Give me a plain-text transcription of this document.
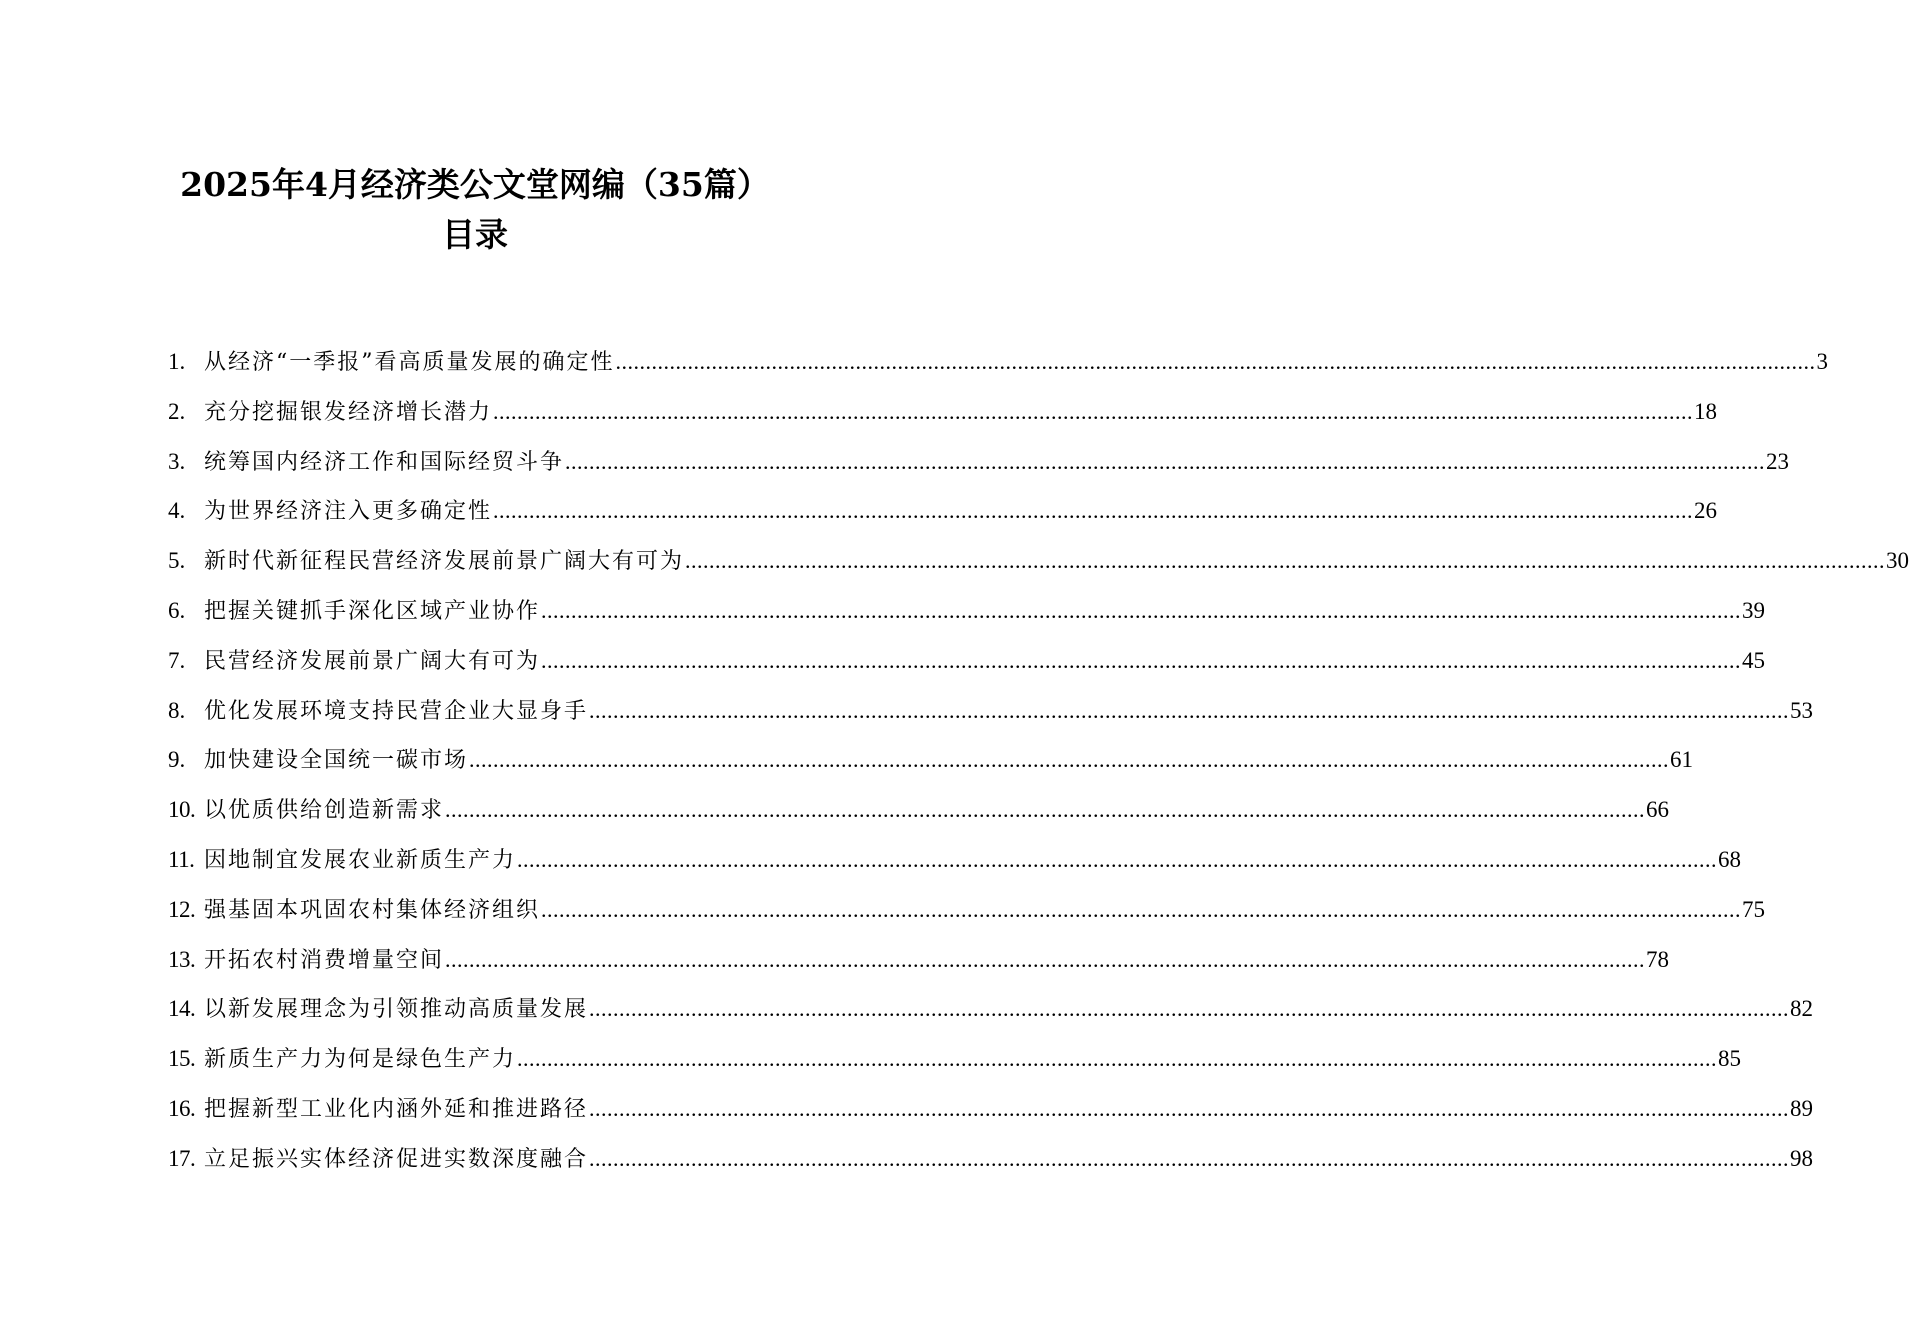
2025年4月经济类公文堂网编（35篇）
目录
1. 从经济“一季报”看高质量发展的确定性 ........................................................................................................................................................................................................ 3
2. 充分挖掘银发经济增长潜力 ........................................................................................................................................................................................................ 18
3. 统筹国内经济工作和国际经贸斗争 ........................................................................................................................................................................................................ 23
4. 为世界经济注入更多确定性 ........................................................................................................................................................................................................ 26
5. 新时代新征程民营经济发展前景广阔大有可为 ........................................................................................................................................................................................................ 30
6. 把握关键抓手深化区域产业协作 ........................................................................................................................................................................................................ 39
7. 民营经济发展前景广阔大有可为 ........................................................................................................................................................................................................ 45
8. 优化发展环境支持民营企业大显身手 ........................................................................................................................................................................................................ 53
9. 加快建设全国统一碳市场 ........................................................................................................................................................................................................ 61
10. 以优质供给创造新需求 ........................................................................................................................................................................................................ 66
11. 因地制宜发展农业新质生产力 ........................................................................................................................................................................................................ 68
12. 强基固本巩固农村集体经济组织 ........................................................................................................................................................................................................ 75
13. 开拓农村消费增量空间 ........................................................................................................................................................................................................ 78
14. 以新发展理念为引领推动高质量发展 ........................................................................................................................................................................................................ 82
15. 新质生产力为何是绿色生产力 ........................................................................................................................................................................................................ 85
16. 把握新型工业化内涵外延和推进路径 ........................................................................................................................................................................................................ 89
17. 立足振兴实体经济促进实数深度融合 ........................................................................................................................................................................................................ 98
